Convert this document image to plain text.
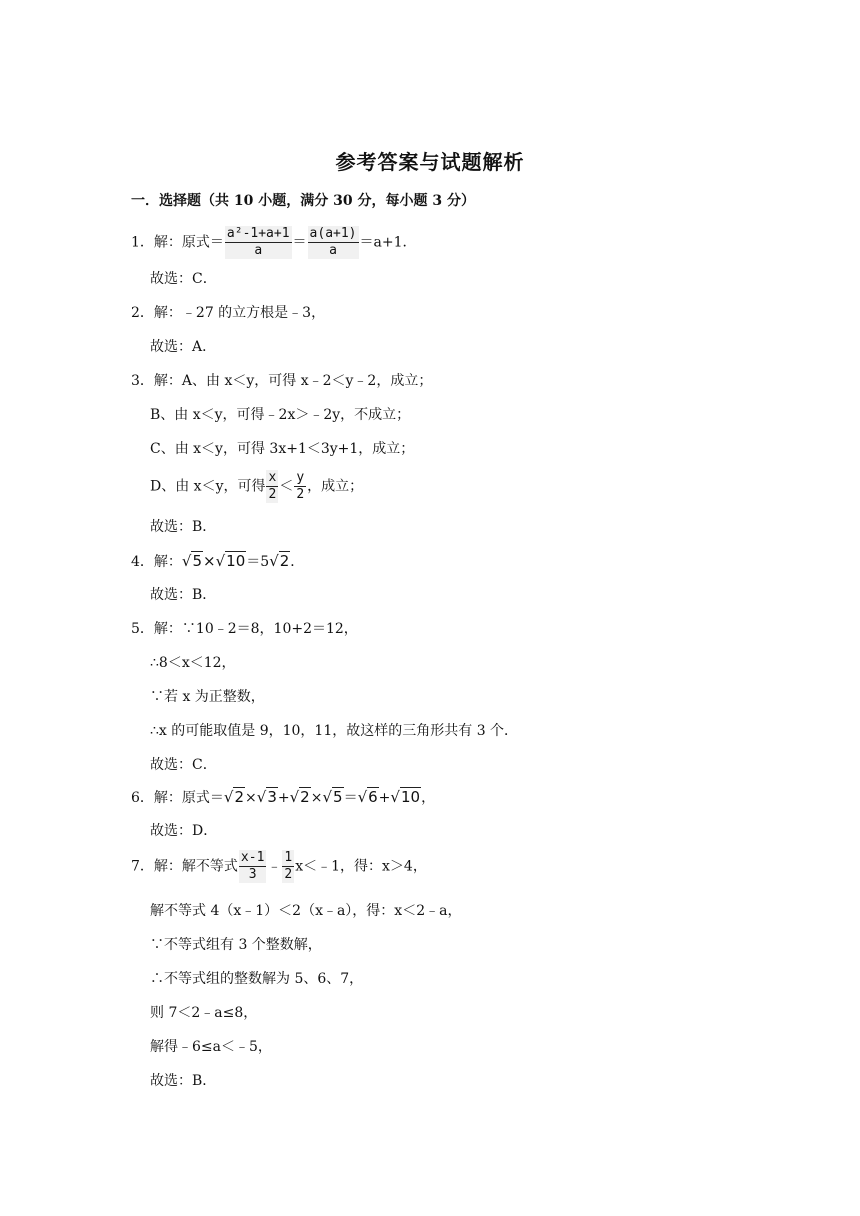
参考答案与试题解析
一．选择题（共 10 小题，满分 30 分，每小题 3 分）
1．解：原式＝ $\frac{\text{a²-1+a+1}}{a} = \frac{a(a+1)}{a} =a+1$．
故选：C．
2．解：﹣27 的立方根是﹣3，
故选：A．
3．解：A、由 x＜y，可得 x﹣2＜y﹣2，成立；
B、由 x＜y，可得﹣2x＞﹣2y，不成立；
C、由 x＜y，可得 3x+1＜3y+1，成立；
D、由 x＜y，可得 $\frac{x}{2} < \frac{y}{2}$ ，成立；
故选：B．
4．解：√5×√10＝5√2．
故选：B．
5．解：∵10﹣2＝8，10+2＝12，
∴8＜x＜12，
∵若 x 为正整数，
∴x 的可能取值是 9，10，11，故这样的三角形共有 3 个．
故选：C．
6．解：原式＝√2×√3+√2×√5＝√6+√10，
故选：D．
7．解：解不等式 $\frac{x-1}{3}$ ﹣ $\frac{1}{2}$ x＜﹣1，得：x＞4，
解不等式 4（x﹣1）＜2（x﹣a），得：x＜2﹣a，
∵不等式组有 3 个整数解，
∴不等式组的整数解为 5、6、7，
则 7＜2﹣a≤8，
解得﹣6≤a＜﹣5，
故选：B．
